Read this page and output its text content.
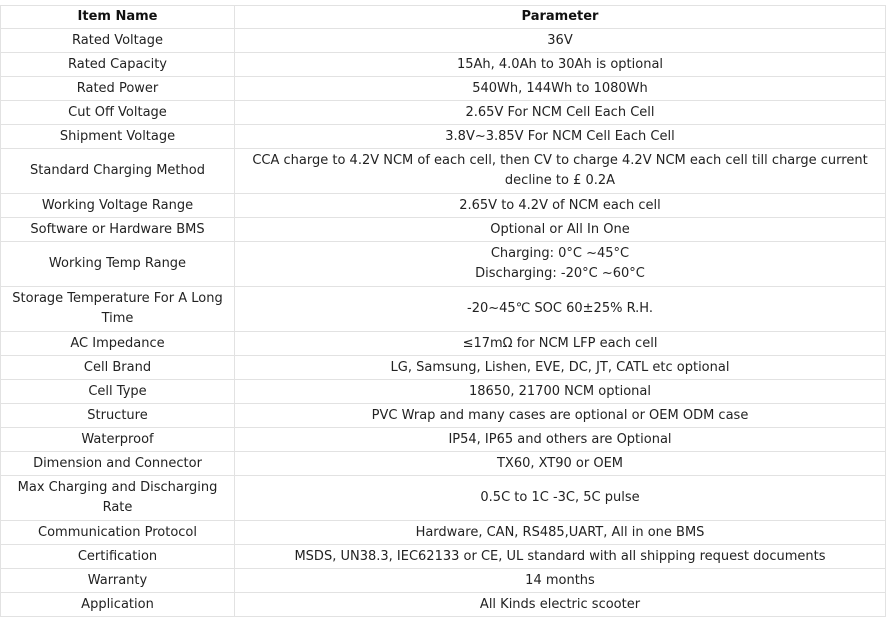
Item Name	Parameter
Rated Voltage	36V

Rated Capacity	15Ah, 4.0Ah to 30Ah is optional

Rated Power	540Wh, 144Wh to 1080Wh

Cut Off Voltage	2.65V For NCM Cell Each Cell

Shipment Voltage	3.8V~3.85V For NCM Cell Each Cell

Standard Charging Method	CCA charge to 4.2V NCM of each cell, then CV to charge 4.2V NCM each cell till charge current decline to £ 0.2A

Working Voltage Range	2.65V to 4.2V of NCM each cell

Software or Hardware BMS	Optional or All In One

Working Temp Range	Charging: 0°C ~45°C
Discharging: -20°C ~60°C

Storage Temperature For A Long Time	-20~45℃ SOC 60±25% R.H.

AC Impedance	≤17mΩ for NCM LFP each cell

Cell Brand	LG, Samsung, Lishen, EVE, DC, JT, CATL etc optional

Cell Type	18650, 21700 NCM optional

Structure	PVC Wrap and many cases are optional or OEM ODM case

Waterproof	IP54, IP65 and others are Optional

Dimension and Connector	TX60, XT90 or OEM

Max Charging and Discharging Rate	0.5C to 1C -3C, 5C pulse

Communication Protocol	Hardware, CAN, RS485,UART, All in one BMS

Certification	MSDS, UN38.3, IEC62133 or CE, UL standard with all shipping request documents

Warranty	14 months

Application	All Kinds electric scooter
